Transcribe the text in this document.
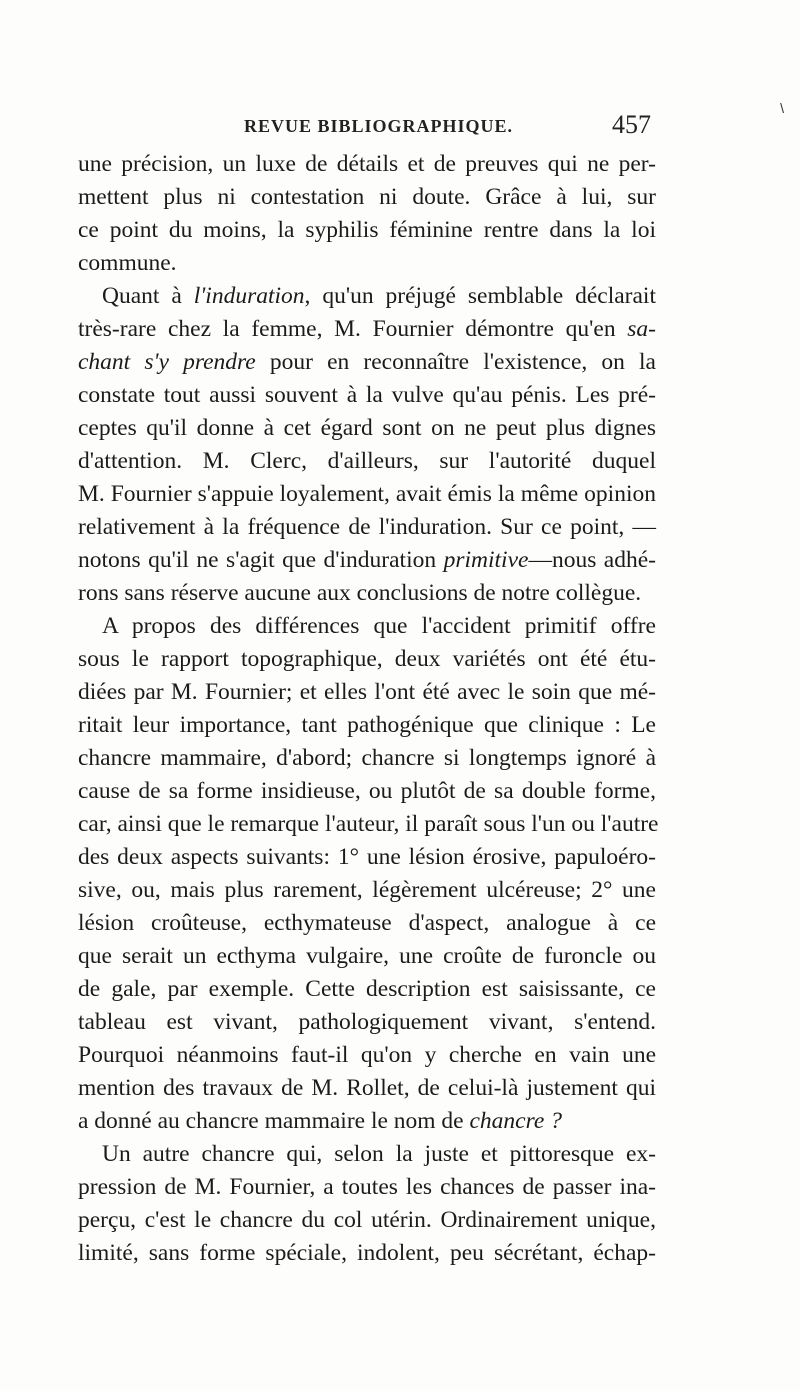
\
REVUE BIBLIOGRAPHIQUE.	457
une précision, un luxe de détails et de preuves qui ne per-
mettent plus ni contestation ni doute. Grâce à lui, sur
ce point du moins, la syphilis féminine rentre dans la loi
commune.
Quant à l'induration, qu'un préjugé semblable déclarait
très-rare chez la femme, M. Fournier démontre qu'en sa-
chant s'y prendre pour en reconnaître l'existence, on la
constate tout aussi souvent à la vulve qu'au pénis. Les pré-
ceptes qu'il donne à cet égard sont on ne peut plus dignes
d'attention. M. Clerc, d'ailleurs, sur l'autorité duquel
M. Fournier s'appuie loyalement, avait émis la même opinion
relativement à la fréquence de l'induration. Sur ce point, —
notons qu'il ne s'agit que d'induration primitive—nous adhé-
rons sans réserve aucune aux conclusions de notre collègue.
A propos des différences que l'accident primitif offre
sous le rapport topographique, deux variétés ont été étu-
diées par M. Fournier; et elles l'ont été avec le soin que mé-
ritait leur importance, tant pathogénique que clinique : Le
chancre mammaire, d'abord; chancre si longtemps ignoré à
cause de sa forme insidieuse, ou plutôt de sa double forme,
car, ainsi que le remarque l'auteur, il paraît sous l'un ou l'autre
des deux aspects suivants: 1° une lésion érosive, papuloéro-
sive, ou, mais plus rarement, légèrement ulcéreuse; 2° une
lésion croûteuse, ecthymateuse d'aspect, analogue à ce
que serait un ecthyma vulgaire, une croûte de furoncle ou
de gale, par exemple. Cette description est saisissante, ce
tableau est vivant, pathologiquement vivant, s'entend.
Pourquoi néanmoins faut-il qu'on y cherche en vain une
mention des travaux de M. Rollet, de celui-là justement qui
a donné au chancre mammaire le nom de chancre ?
Un autre chancre qui, selon la juste et pittoresque ex-
pression de M. Fournier, a toutes les chances de passer ina-
perçu, c'est le chancre du col utérin. Ordinairement unique,
limité, sans forme spéciale, indolent, peu sécrétant, échap-
